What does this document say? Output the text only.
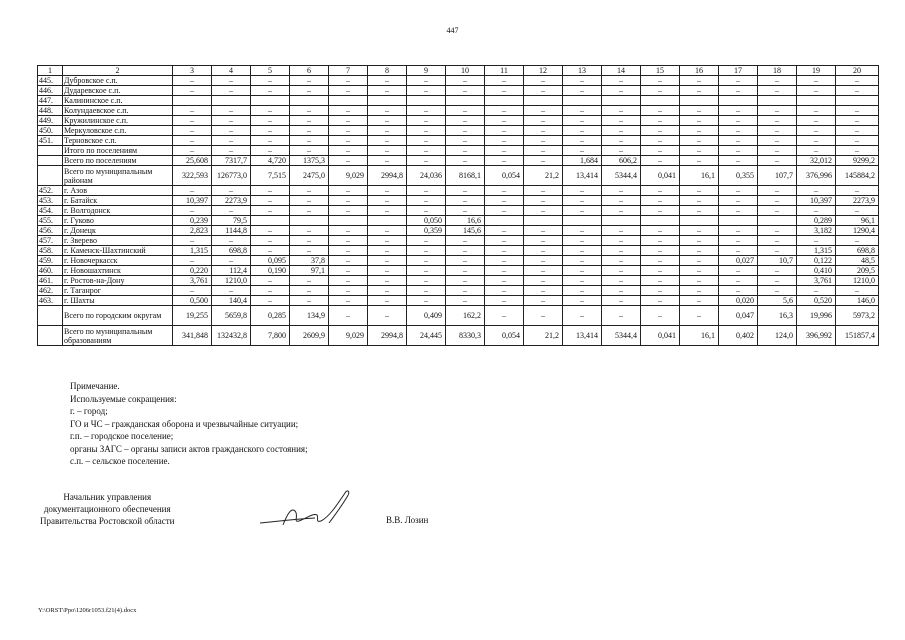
447
1	2	3	4	5	6	7	8	9	10	11	12	13	14	15	16	17	18	19	20
445.	Дубровское с.п.	–	–	–	–	–	–	–	–	–	–	–	–	–	–	–	–	–	–
446.	Дударевское с.п.	–	–	–	–	–	–	–	–	–	–	–	–	–	–	–	–	–	–
447.	Калининское с.п.																		
448.	Колундаевское с.п.	–	–	–	–	–	–	–	–	–	–	–	–	–	–	–	–	–	–
449.	Кружилинское с.п.	–	–	–	–	–	–	–	–	–	–	–	–	–	–	–	–	–	–
450.	Меркуловское с.п.	–	–	–	–	–	–	–	–	–	–	–	–	–	–	–	–	–	–
451.	Терновское с.п.	–	–	–	–	–	–	–	–	–	–	–	–	–	–	–	–	–	–
	Итого по поселениям	–	–	–	–	–	–	–	–	–	–	–	–	–	–	–	–	–	–
	Всего по поселениям	25,608	7317,7	4,720	1375,3	–	–	–	–	–	–	1,684	606,2	–	–	–	–	32,012	9299,2
	Всего по муниципальным районам	322,593	126773,0	7,515	2475,0	9,029	2994,8	24,036	8168,1	0,054	21,2	13,414	5344,4	0,041	16,1	0,355	107,7	376,996	145884,2
452.	г. Азов	–	–	–	–	–	–	–	–	–	–	–	–	–	–	–	–	–	–
453.	г. Батайск	10,397	2273,9	–	–	–	–	–	–	–	–	–	–	–	–	–	–	10,397	2273,9
454.	г. Волгодонск	–	–	–	–	–	–	–	–	–	–	–	–	–	–	–	–	–	–
455.	г. Гуково	0,239	79,5					0,050	16,6									0,289	96,1
456.	г. Донецк	2,823	1144,8	–	–	–	–	0,359	145,6	–	–	–	–	–	–	–	–	3,182	1290,4
457.	г. Зверево	–	–	–	–	–	–	–	–	–	–	–	–	–	–	–	–	–	–
458.	г. Каменск-Шахтинский	1,315	698,8	–	–	–	–	–	–	–	–	–	–	–	–	–	–	1,315	698,8
459.	г. Новочеркасск	–	–	0,095	37,8	–	–	–	–	–	–	–	–	–	–	0,027	10,7	0,122	48,5
460.	г. Новошахтинск	0,220	112,4	0,190	97,1	–	–	–	–	–	–	–	–	–	–	–	–	0,410	209,5
461.	г. Ростов-на-Дону	3,761	1210,0	–	–	–	–	–	–	–	–	–	–	–	–	–	–	3,761	1210,0
462.	г. Таганрог	–	–	–	–	–	–	–	–	–	–	–	–	–	–	–	–	–	–
463.	г. Шахты	0,500	140,4	–	–	–	–	–	–	–	–	–	–	–	–	0,020	5,6	0,520	146,0
	Всего по городским округам	19,255	5659,8	0,285	134,9	–	–	0,409	162,2	–	–	–	–	–	–	0,047	16,3	19,996	5973,2
	Всего по муниципальным образованиям	341,848	132432,8	7,800	2609,9	9,029	2994,8	24,445	8330,3	0,054	21,2	13,414	5344,4	0,041	16,1	0,402	124,0	396,992	151857,4
Примечание.
Используемые сокращения:
г. – город;
ГО и ЧС – гражданская оборона и чрезвычайные ситуации;
г.п. – городское поселение;
органы ЗАГС – органы записи актов гражданского состояния;
с.п. – сельское поселение.
Начальник управления
документационного обеспечения
Правительства Ростовской области	В.В. Лозин
Y:\ORST\Ppo\1206r1053.f21(4).docx
